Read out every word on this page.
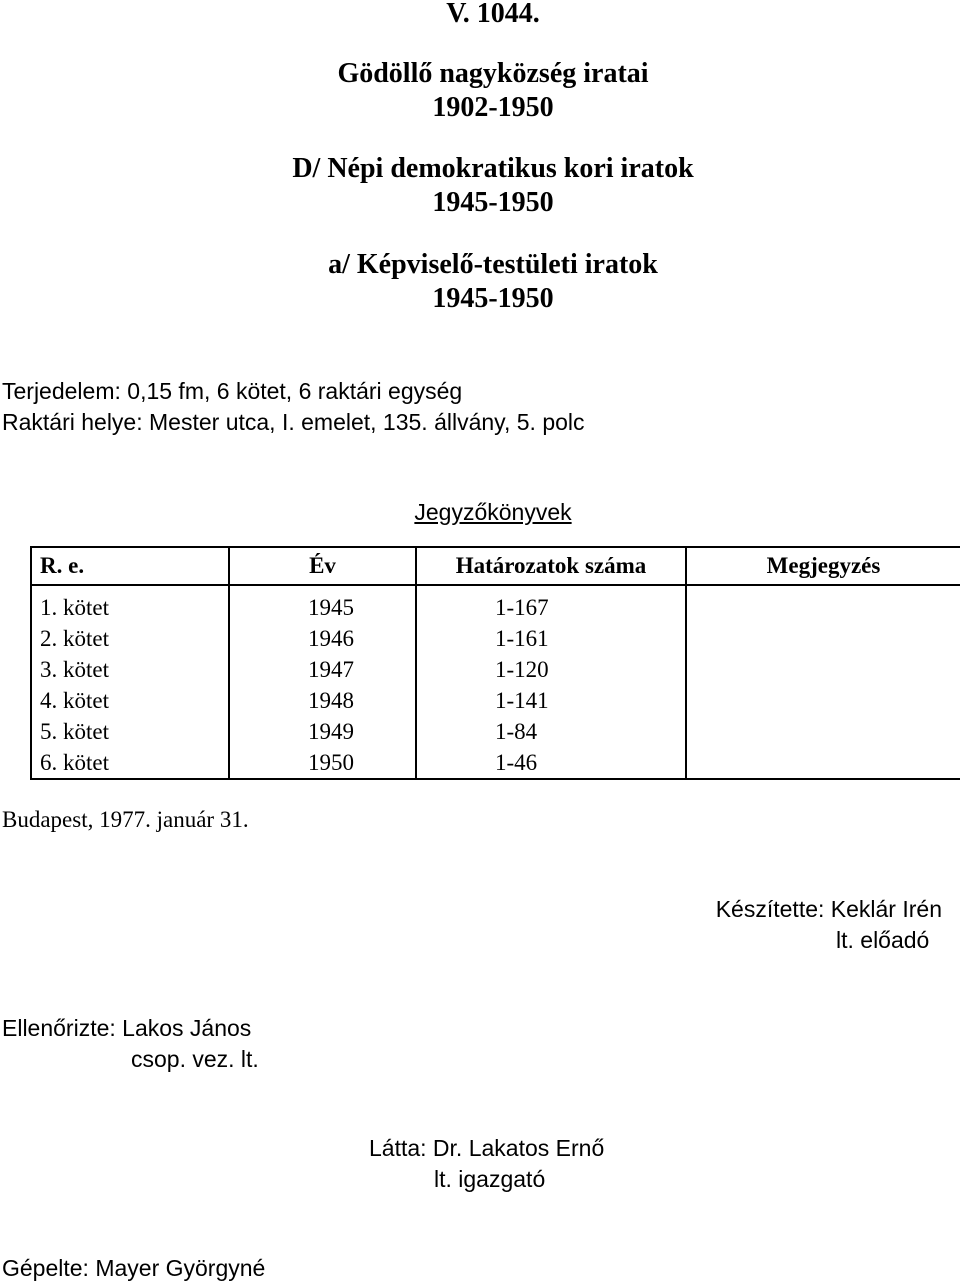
V. 1044.
Gödöllő nagyközség iratai
1902-1950
D/ Népi demokratikus kori iratok
1945-1950
a/ Képviselő-testületi iratok
1945-1950
Terjedelem: 0,15 fm, 6 kötet, 6 raktári egység
Raktári helye: Mester utca, I. emelet, 135. állvány, 5. polc
Jegyzőkönyvek
R. e.	Év	Határozatok száma	Megjegyzés
1. kötet	1945	1-167	
2. kötet	1946	1-161	
3. kötet	1947	1-120	
4. kötet	1948	1-141	
5. kötet	1949	1-84	
6. kötet	1950	1-46	
Budapest, 1977. január 31.
Készítette: Keklár Irén
lt. előadó
Ellenőrizte: Lakos János
csop. vez. lt.
Látta: Dr. Lakatos Ernő
lt. igazgató
Gépelte: Mayer Györgyné
